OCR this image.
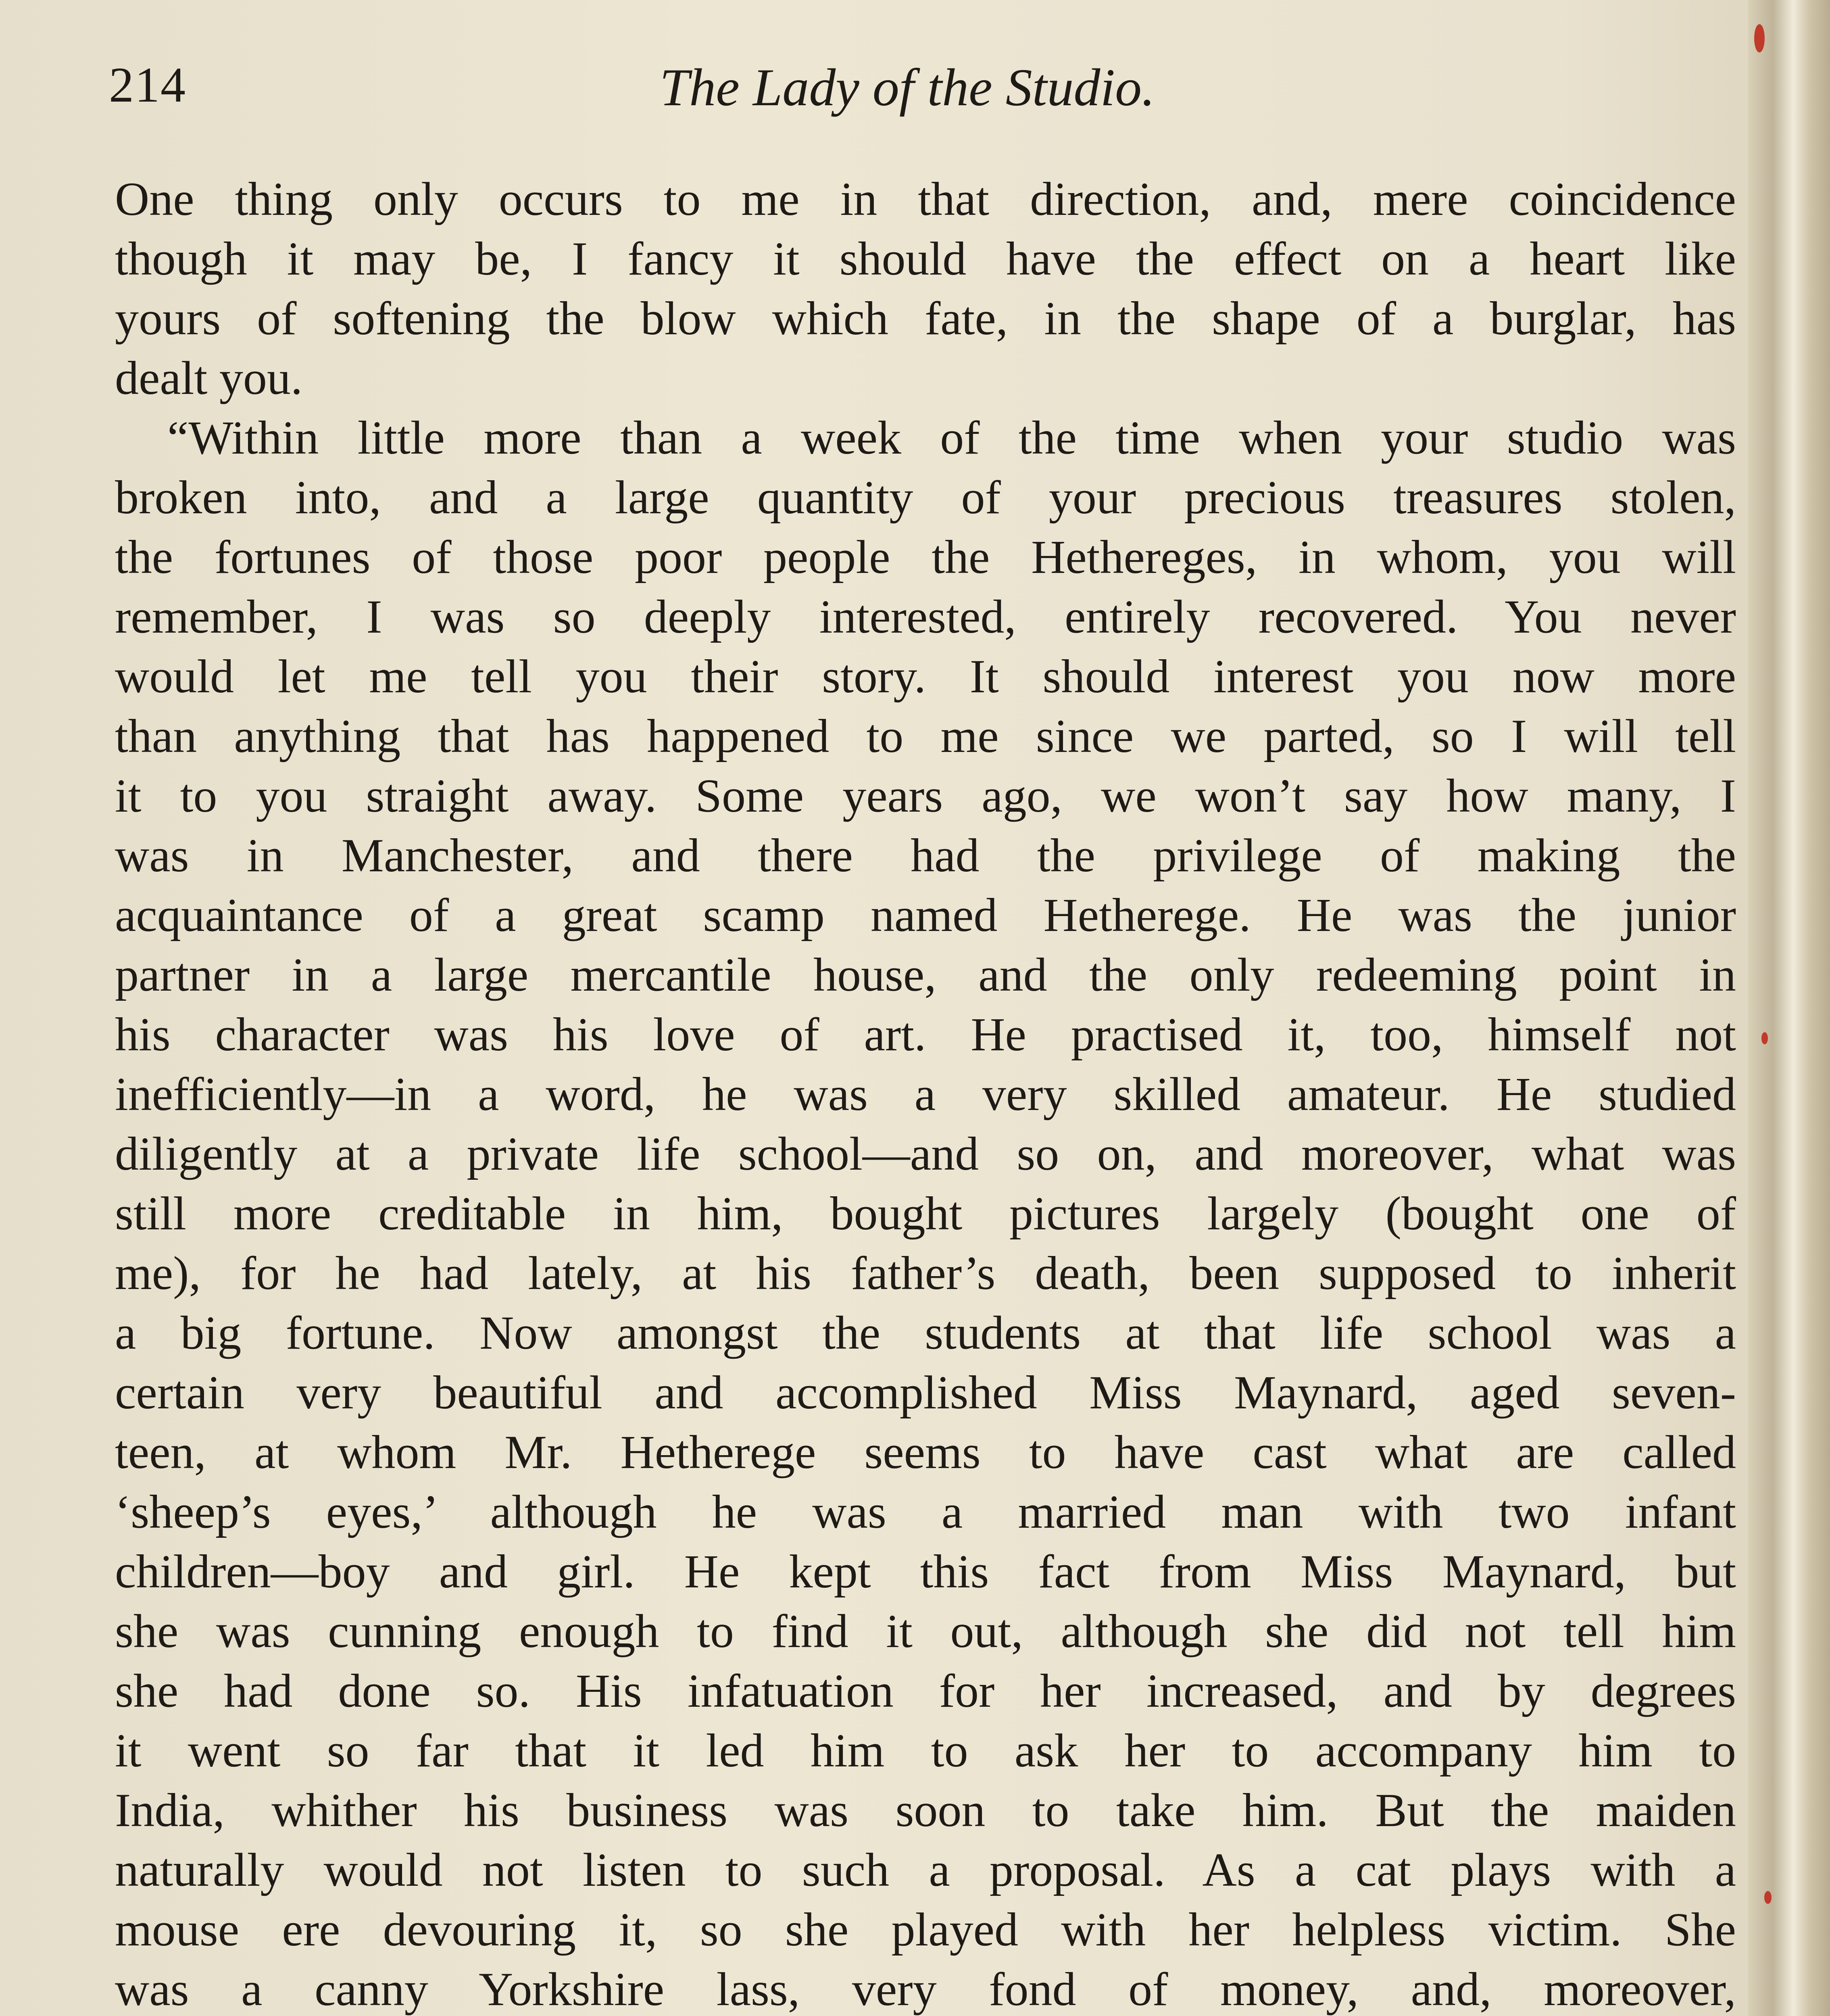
214	The Lady of the Studio.
One thing only occurs to me in that direction, and, mere coincidence
though it may be, I fancy it should have the effect on a heart like
yours of softening the blow which fate, in the shape of a burglar, has
dealt you.
“Within little more than a week of the time when your studio was
broken into, and a large quantity of your precious treasures stolen,
the fortunes of those poor people the Hethereges, in whom, you will
remember, I was so deeply interested, entirely recovered. You never
would let me tell you their story. It should interest you now more
than anything that has happened to me since we parted, so I will tell
it to you straight away. Some years ago, we won’t say how many, I
was in Manchester, and there had the privilege of making the
acquaintance of a great scamp named Hetherege. He was the junior
partner in a large mercantile house, and the only redeeming point in
his character was his love of art. He practised it, too, himself not
inefficiently—in a word, he was a very skilled amateur. He studied
diligently at a private life school—and so on, and moreover, what was
still more creditable in him, bought pictures largely (bought one of
me), for he had lately, at his father’s death, been supposed to inherit
a big fortune. Now amongst the students at that life school was a
certain very beautiful and accomplished Miss Maynard, aged seven-
teen, at whom Mr. Hetherege seems to have cast what are called
‘sheep’s eyes,’ although he was a married man with two infant
children—boy and girl. He kept this fact from Miss Maynard, but
she was cunning enough to find it out, although she did not tell him
she had done so. His infatuation for her increased, and by degrees
it went so far that it led him to ask her to accompany him to
India, whither his business was soon to take him. But the maiden
naturally would not listen to such a proposal. As a cat plays with a
mouse ere devouring it, so she played with her helpless victim. She
was a canny Yorkshire lass, very fond of money, and, moreover,
